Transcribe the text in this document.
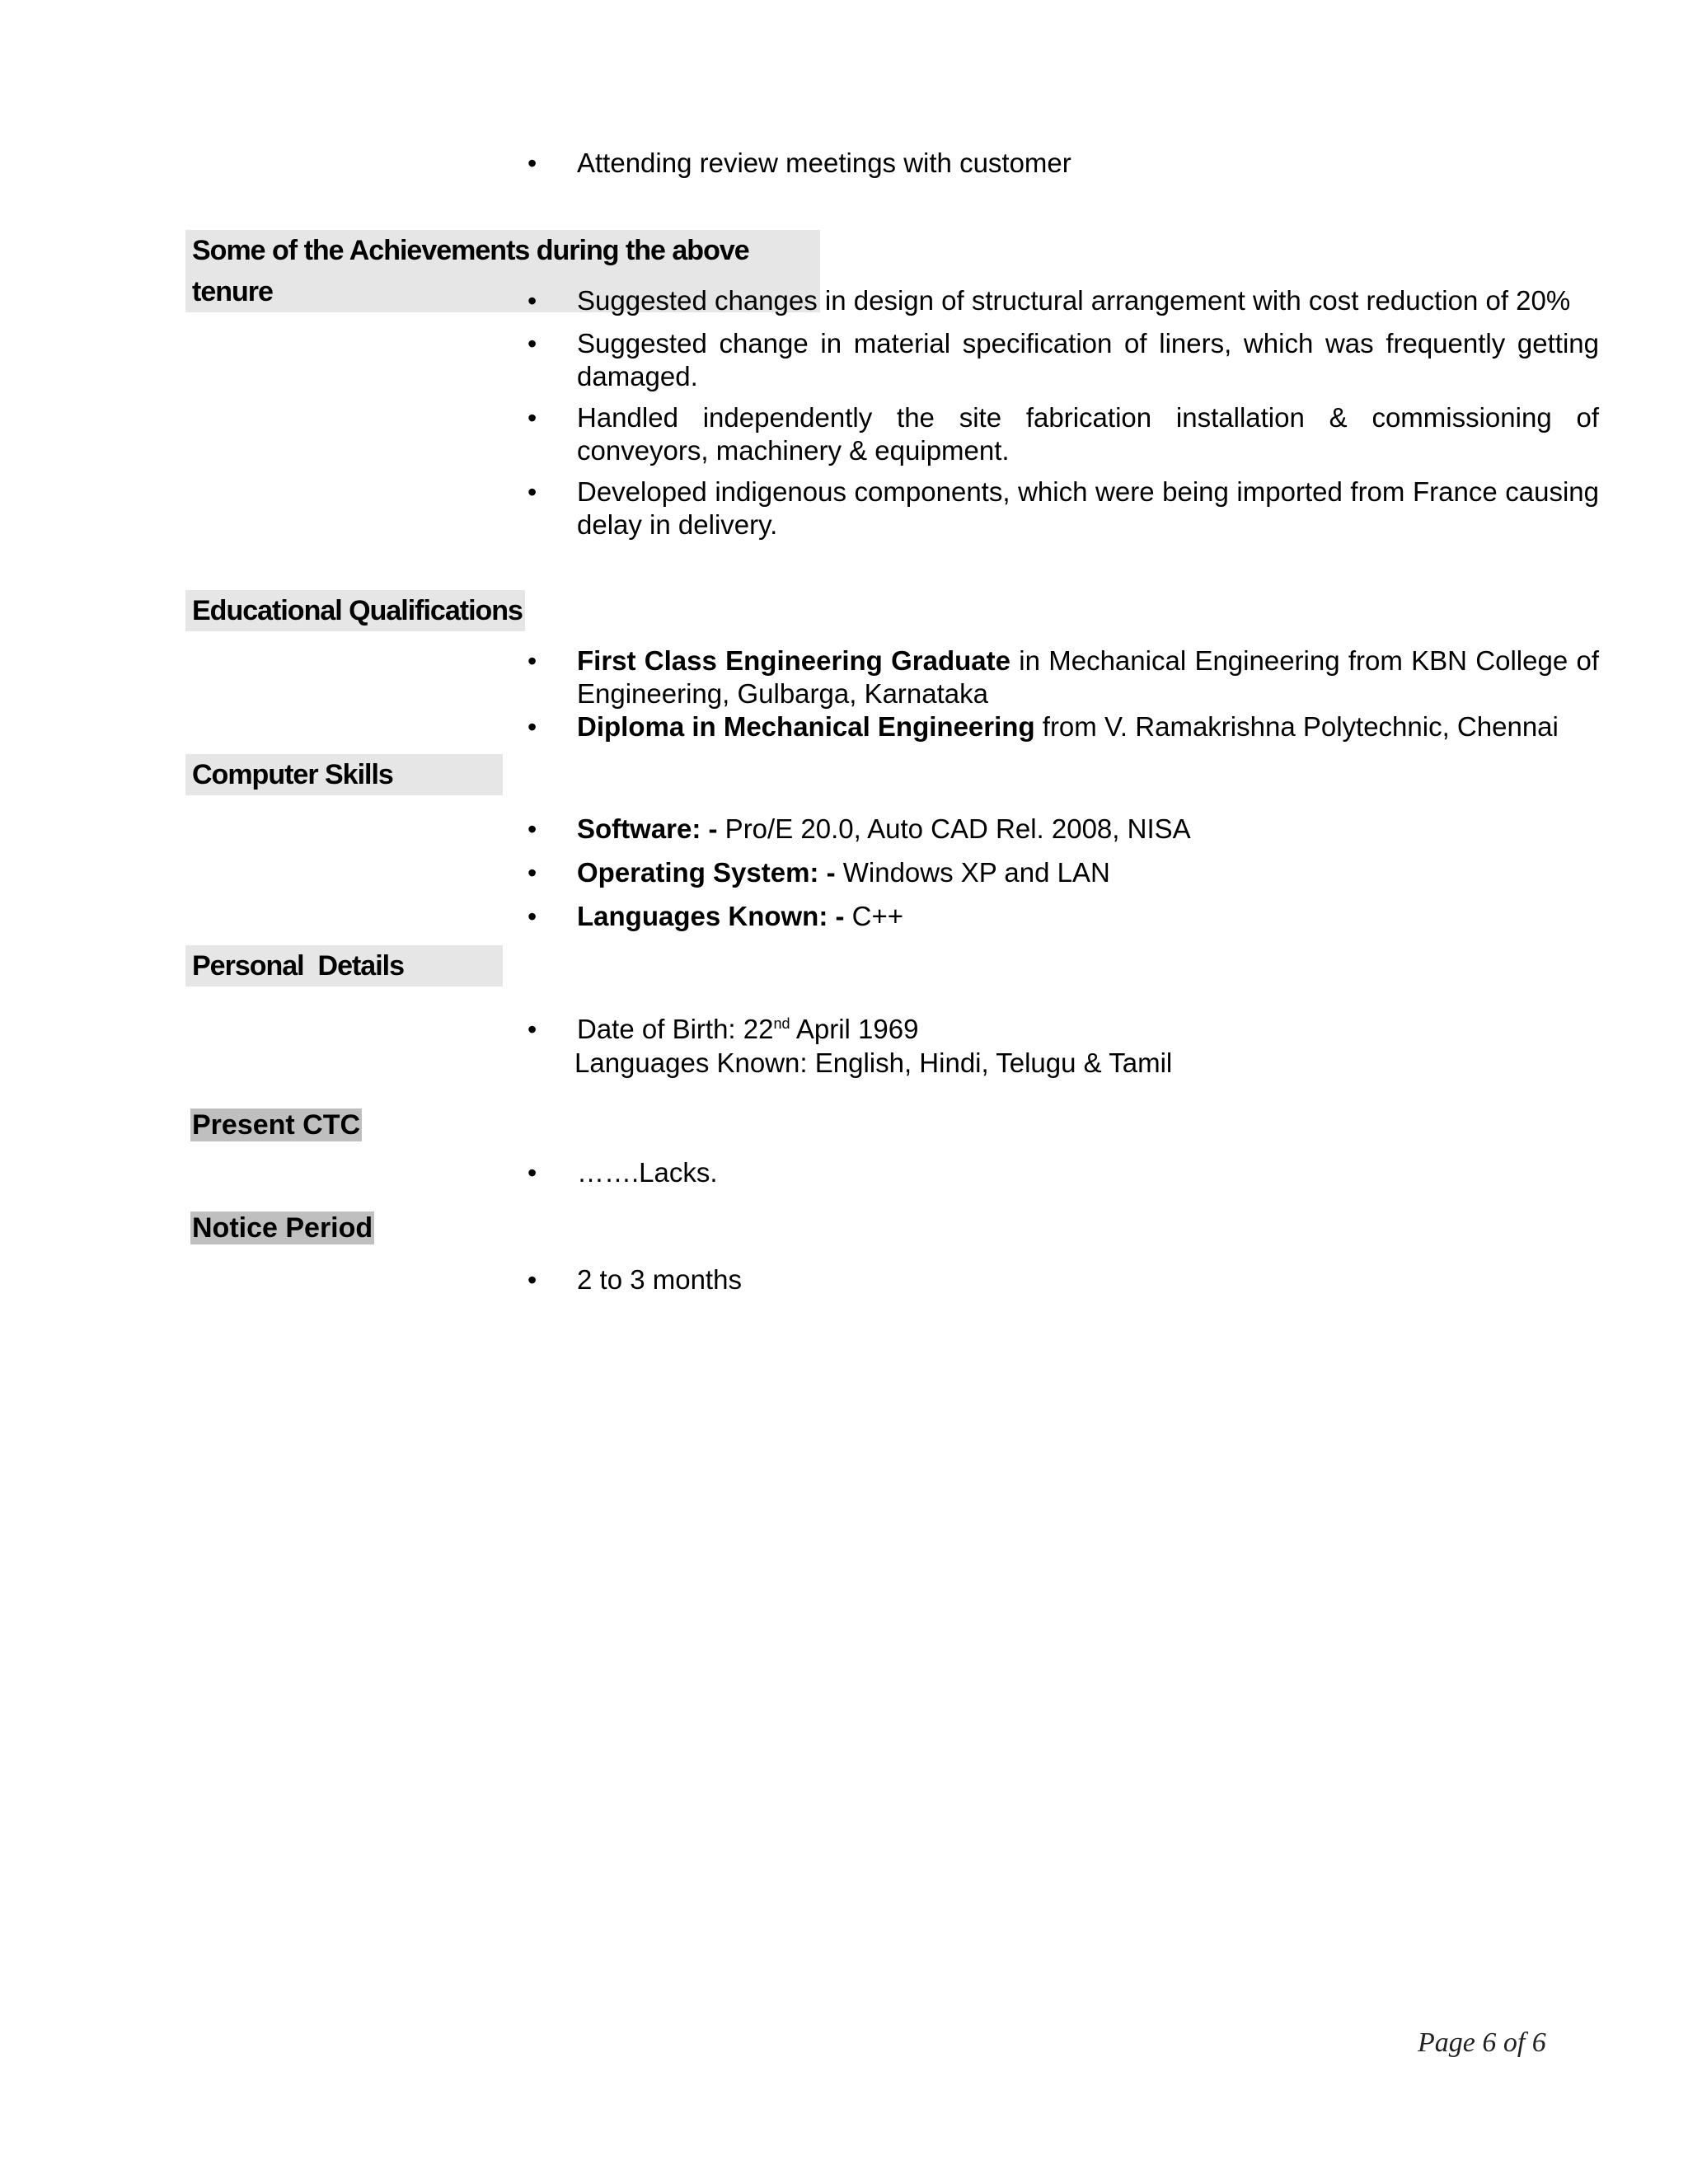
• Attending review meetings with customer
Some of the Achievements during the above tenure	• Suggested changes in design of structural arrangement with cost reduction of 20%
• Suggested change in material specification of liners, which was frequently getting damaged.
• Handled independently the site fabrication installation & commissioning of conveyors, machinery & equipment.
• Developed indigenous components, which were being imported from France causing delay in delivery.
Educational Qualifications
• First Class Engineering Graduate in Mechanical Engineering from KBN College of Engineering, Gulbarga, Karnataka
• Diploma in Mechanical Engineering from V. Ramakrishna Polytechnic, Chennai
Computer Skills
• Software: - Pro/E 20.0, Auto CAD Rel. 2008, NISA
• Operating System: - Windows XP and LAN
• Languages Known: - C++
Personal  Details
• Date of Birth: 22nd April 1969
Languages Known: English, Hindi, Telugu & Tamil
Present CTC
• …….Lacks.
Notice Period
• 2 to 3 months
Page 6 of 6
